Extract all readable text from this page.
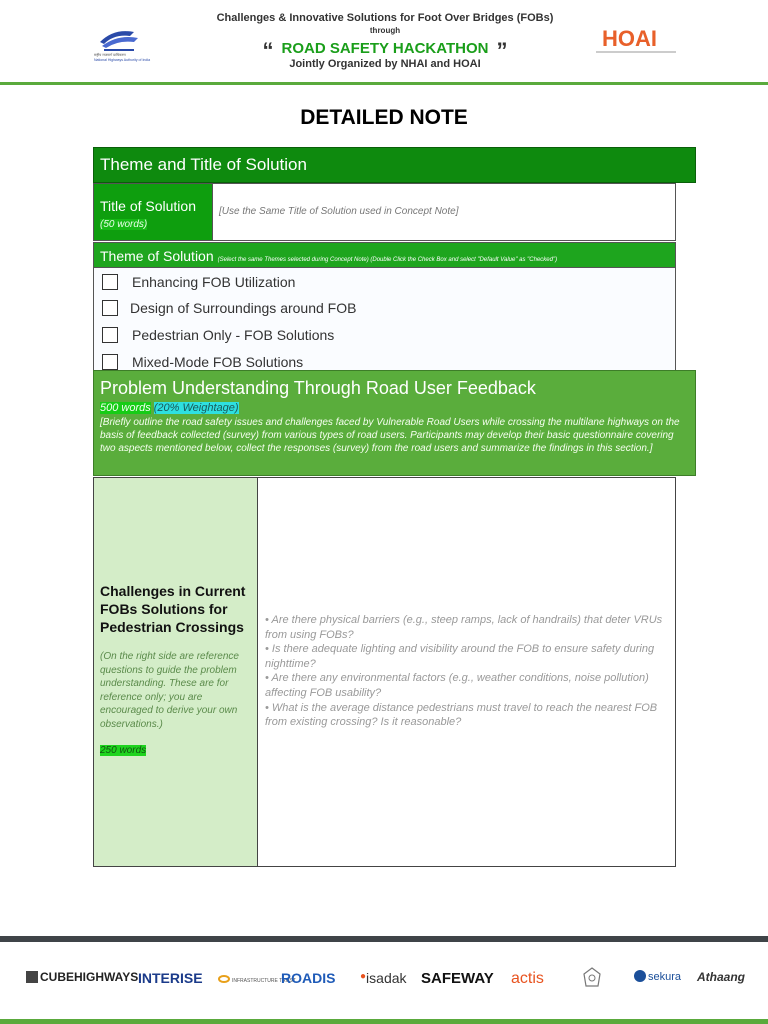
राष्ट्रीय राजमार्ग प्राधिकरण
National Highways Authority of India
Challenges & Innovative Solutions for Foot Over Bridges (FOBs)
through
“ ROAD SAFETY HACKATHON ”
Jointly Organized by NHAI and HOAI
HOAI
DETAILED NOTE
Theme and Title of Solution
Title of Solution
(50 words)
[Use the Same Title of Solution used in Concept Note]
Theme of Solution (Select the same Themes selected during Concept Note) (Double Click the Check Box and select "Default Value" as "Checked")
Enhancing FOB Utilization
Design of Surroundings around FOB
Pedestrian Only - FOB Solutions
Mixed-Mode FOB Solutions
Problem Understanding Through Road User Feedback
500 words (20% Weightage)
[Briefly outline the road safety issues and challenges faced by Vulnerable Road Users while crossing the multilane highways on the basis of feedback collected (survey) from various types of road users. Participants may develop their basic questionnaire covering two aspects mentioned below, collect the responses (survey) from the road users and summarize the findings in this section.]
Challenges in Current FOBs Solutions for Pedestrian Crossings
(On the right side are reference questions to guide the problem understanding. These are for reference only; you are encouraged to derive your own observations.)
250 words
• Are there physical barriers (e.g., steep ramps, lack of handrails) that deter VRUs from using FOBs?
• Is there adequate lighting and visibility around the FOB to ensure safety during nighttime?
• Are there any environmental factors (e.g., weather conditions, noise pollution) affecting FOB usability?
• What is the average distance pedestrians must travel to reach the nearest FOB from existing crossing? Is it reasonable?
CUBEHIGHWAYS INTERISE	INFRASTRUCTURE TRUST
ROADIS ●isadak SAFEWAY actis	sekura Athaang
